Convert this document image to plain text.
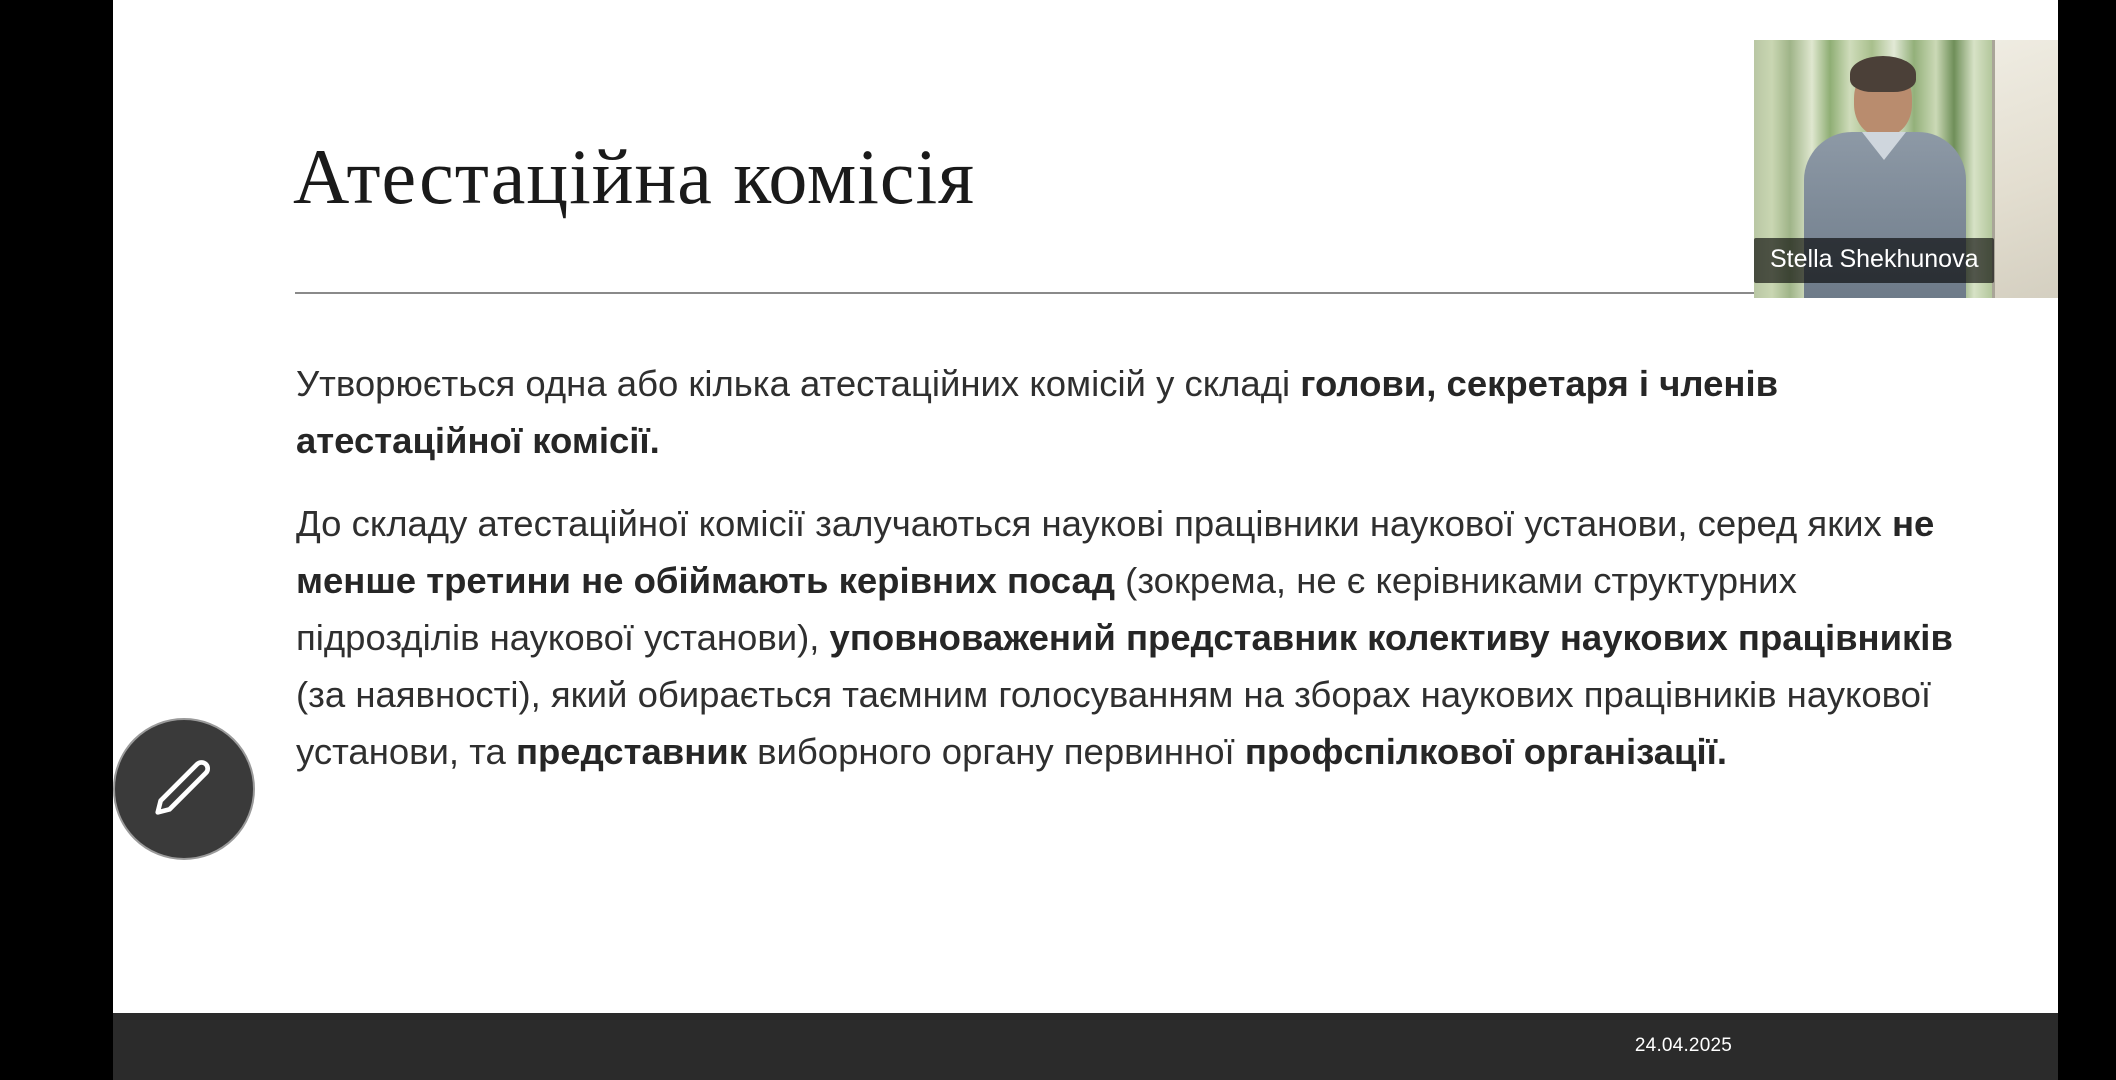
Атестаційна комісія
Утворюється одна або кілька атестаційних комісій у складі голови, секретаря і членів атестаційної комісії.
До складу атестаційної комісії залучаються наукові працівники наукової установи, серед яких не менше третини не обіймають керівних посад (зокрема, не є керівниками структурних підрозділів наукової установи), уповноважений представник колективу наукових працівників (за наявності), який обирається таємним голосуванням на зборах наукових працівників наукової установи, та представник виборного органу первинної профспілкової організації.
24.04.2025
Stella Shekhunova
